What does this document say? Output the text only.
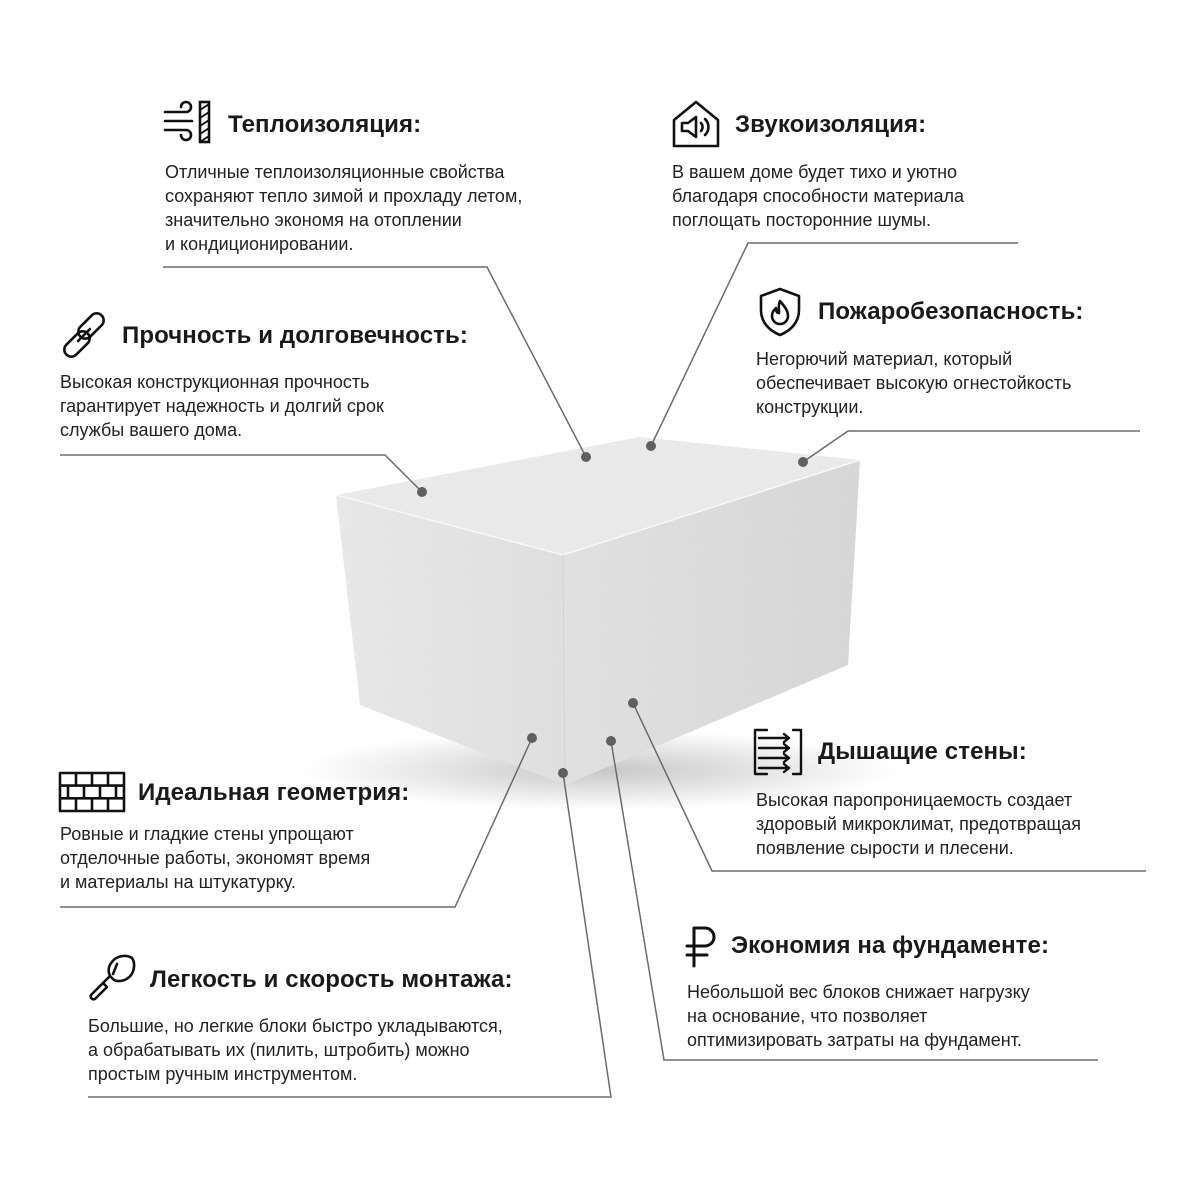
Теплоизоляция:
Отличные теплоизоляционные свойства
сохраняют тепло зимой и прохладу летом,
значительно экономя на отоплении
и кондиционировании.
Звукоизоляция:
В вашем доме будет тихо и уютно
благодаря способности материала
поглощать посторонние шумы.
Пожаробезопасность:
Негорючий материал, который
обеспечивает высокую огнестойкость
конструкции.
Прочность и долговечность:
Высокая конструкционная прочность
гарантирует надежность и долгий срок
службы вашего дома.
Дышащие стены:
Высокая паропроницаемость создает
здоровый микроклимат, предотвращая
появление сырости и плесени.
Идеальная геометрия:
Ровные и гладкие стены упрощают
отделочные работы, экономят время
и материалы на штукатурку.
Экономия на фундаменте:
Небольшой вес блоков снижает нагрузку
на основание, что позволяет
оптимизировать затраты на фундамент.
Легкость и скорость монтажа:
Большие, но легкие блоки быстро укладываются,
а обрабатывать их (пилить, штробить) можно
простым ручным инструментом.
